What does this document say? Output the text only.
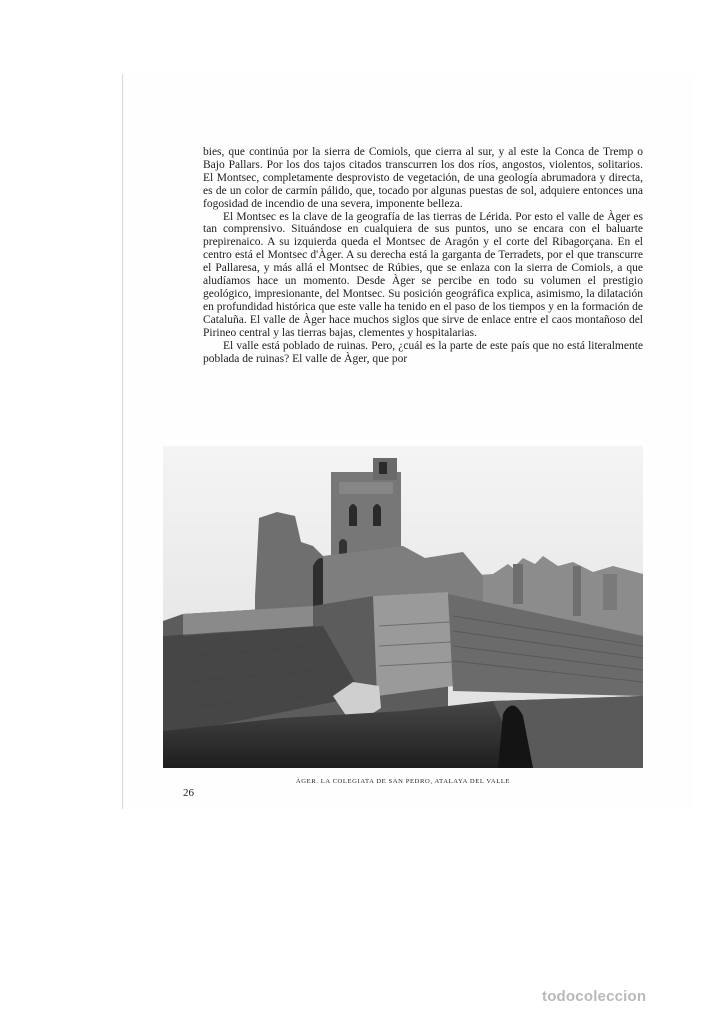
bies, que continúa por la sierra de Comiols, que cierra al sur, y al este la Conca de Tremp o Bajo Pallars. Por los dos tajos citados transcurren los dos ríos, angostos, violentos, solitarios. El Montsec, completamente desprovisto de vegetación, de una geología abrumadora y directa, es de un color de carmín pálido, que, tocado por algunas puestas de sol, adquiere entonces una fogosidad de incendio de una severa, imponente belleza.

El Montsec es la clave de la geografía de las tierras de Lérida. Por esto el valle de Àger es tan comprensivo. Situándose en cualquiera de sus puntos, uno se encara con el baluarte prepirenaico. A su izquierda queda el Montsec de Aragón y el corte del Ribagorçana. En el centro está el Montsec d'Àger. A su derecha está la garganta de Terradets, por el que transcurre el Pallaresa, y más allá el Montsec de Rúbies, que se enlaza con la sierra de Comiols, a que aludíamos hace un momento. Desde Àger se percibe en todo su volumen el prestigio geológico, impresionante, del Montsec. Su posición geográfica explica, asimismo, la dilatación en profundidad histórica que este valle ha tenido en el paso de los tiempos y en la formación de Cataluña. El valle de Àger hace muchos siglos que sirve de enlace entre el caos montañoso del Pirineo central y las tierras bajas, clementes y hospitalarias.

El valle está poblado de ruinas. Pero, ¿cuál es la parte de este país que no está literalmente poblada de ruinas? El valle de Àger, que por

ÀGER. LA COLEGIATA DE SAN PEDRO, ATALAYA DEL VALLE
26
todocoleccion
